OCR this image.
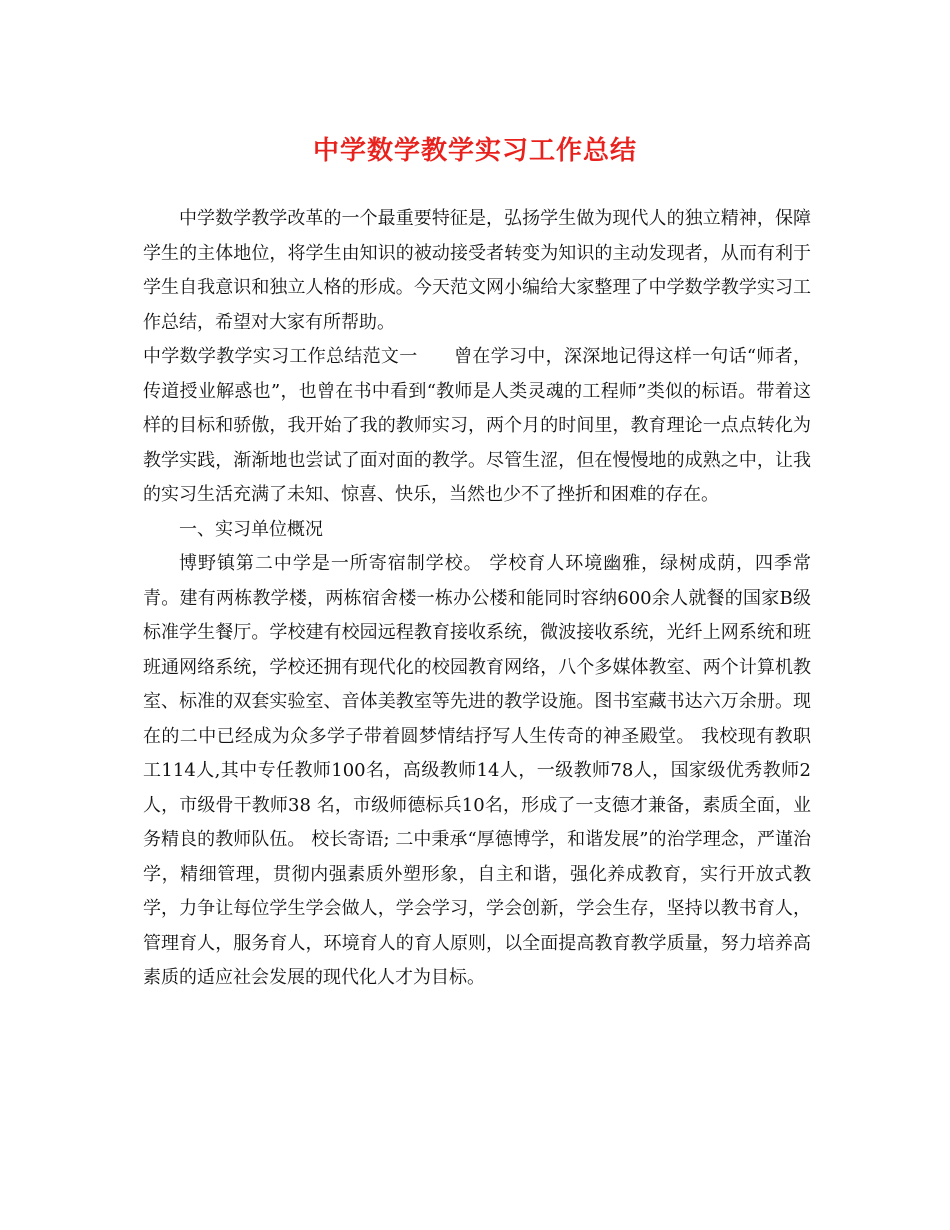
中学数学教学实习工作总结

中学数学教学改革的一个最重要特征是，弘扬学生做为现代人的独立精神，保障学生的主体地位，将学生由知识的被动接受者转变为知识的主动发现者，从而有利于学生自我意识和独立人格的形成。今天范文网小编给大家整理了中学数学教学实习工作总结，希望对大家有所帮助。

中学数学教学实习工作总结范文一　　曾在学习中，深深地记得这样一句话“师者，传道授业解惑也”，也曾在书中看到“教师是人类灵魂的工程师”类似的标语。带着这样的目标和骄傲，我开始了我的教师实习，两个月的时间里，教育理论一点点转化为教学实践，渐渐地也尝试了面对面的教学。尽管生涩，但在慢慢地的成熟之中，让我的实习生活充满了未知、惊喜、快乐，当然也少不了挫折和困难的存在。

一、实习单位概况

博野镇第二中学是一所寄宿制学校。 学校育人环境幽雅，绿树成荫，四季常青。建有两栋教学楼，两栋宿舍楼一栋办公楼和能同时容纳600余人就餐的国家B级标准学生餐厅。学校建有校园远程教育接收系统，微波接收系统，光纤上网系统和班班通网络系统，学校还拥有现代化的校园教育网络，八个多媒体教室、两个计算机教室、标准的双套实验室、音体美教室等先进的教学设施。图书室藏书达六万余册。现在的二中已经成为众多学子带着圆梦情结抒写人生传奇的神圣殿堂。 我校现有教职工114人,其中专任教师100名，高级教师14人，一级教师78人，国家级优秀教师2人，市级骨干教师38 名，市级师德标兵10名，形成了一支德才兼备，素质全面，业务精良的教师队伍。 校长寄语; 二中秉承“厚德博学，和谐发展”的治学理念，严谨治学，精细管理，贯彻内强素质外塑形象，自主和谐，强化养成教育，实行开放式教学，力争让每位学生学会做人，学会学习，学会创新，学会生存，坚持以教书育人，管理育人，服务育人，环境育人的育人原则，以全面提高教育教学质量，努力培养高素质的适应社会发展的现代化人才为目标。
